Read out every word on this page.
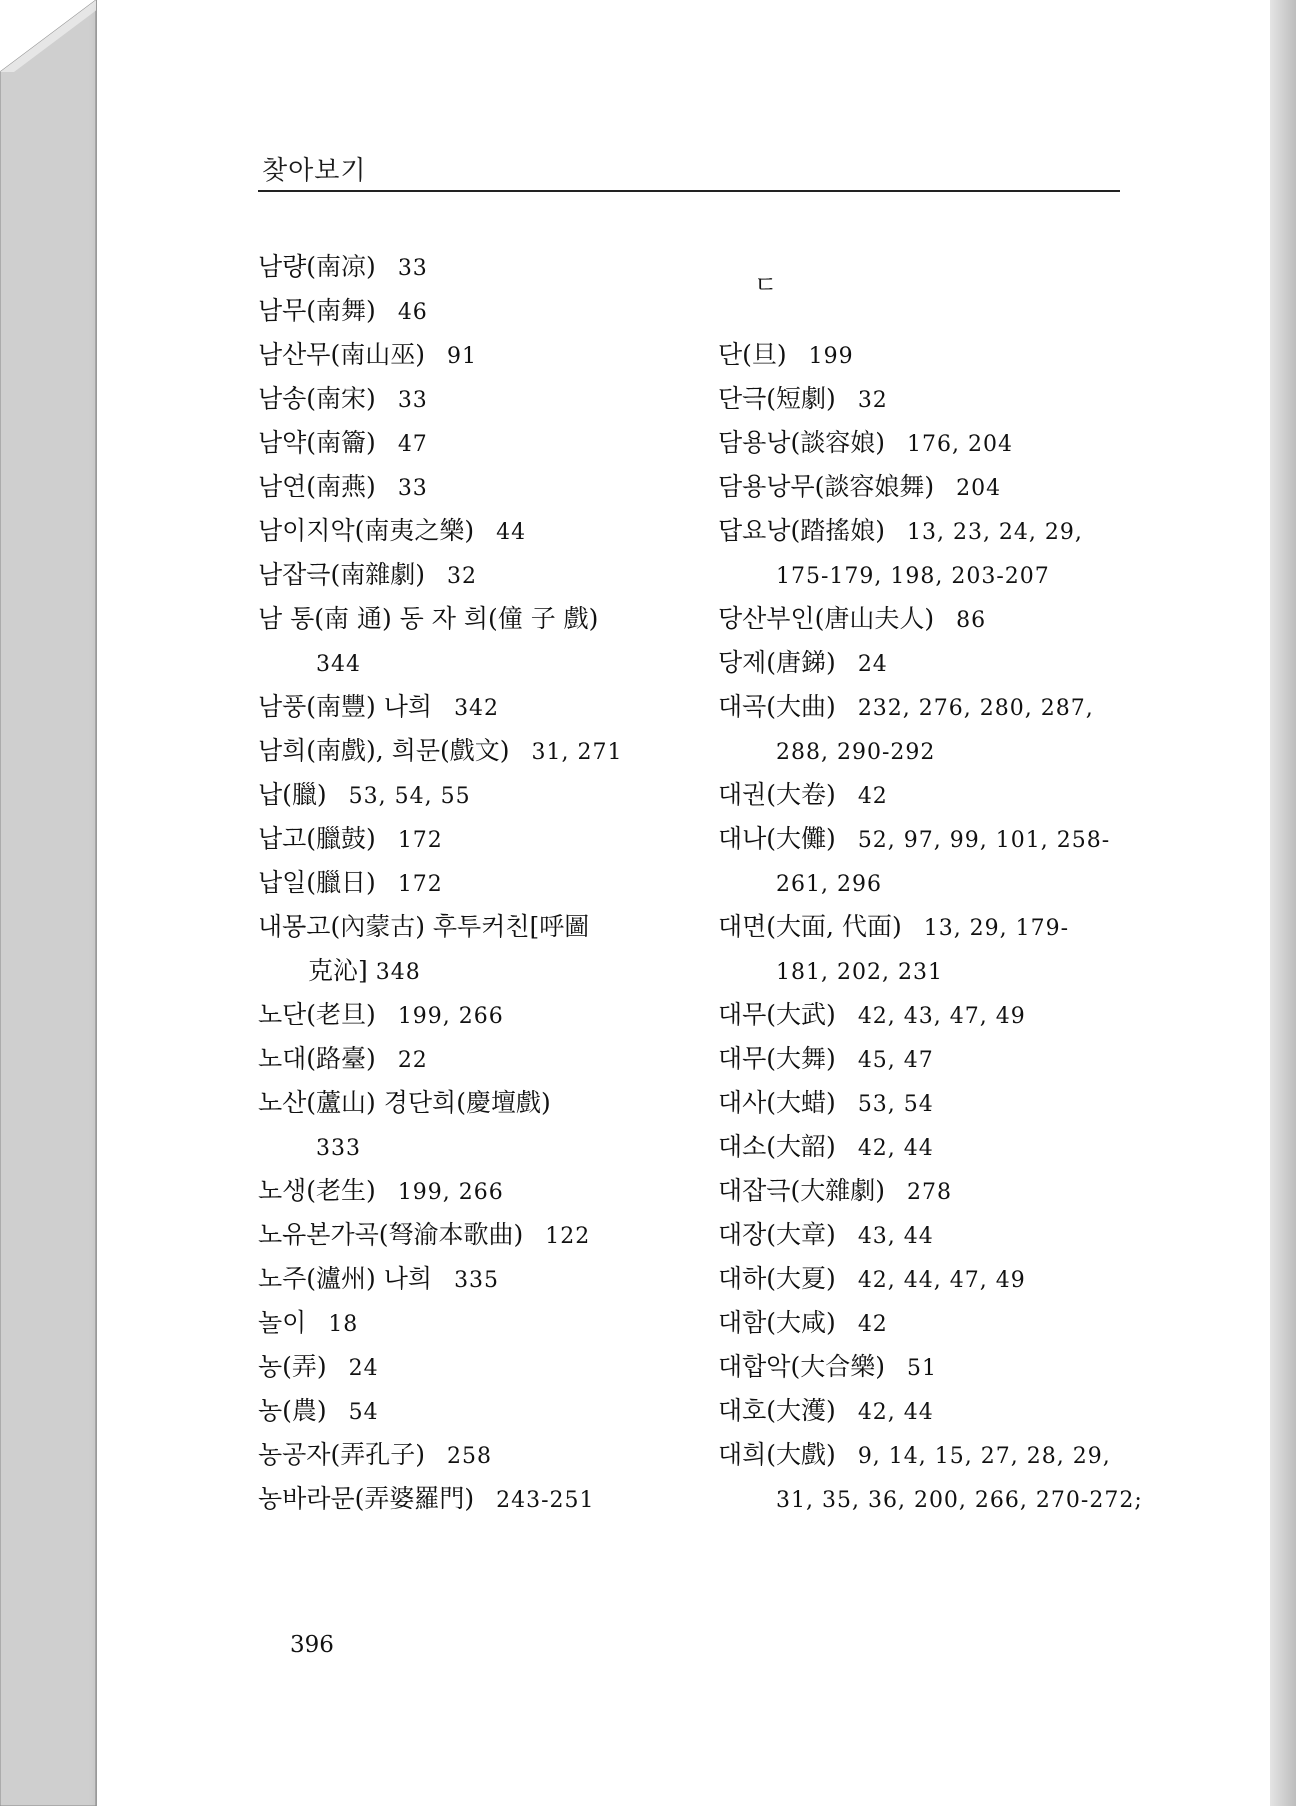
찾아보기
남량(南凉) 33
남무(南舞) 46
남산무(南山巫) 91
남송(南宋) 33
남약(南籥) 47
남연(南燕) 33
남이지악(南夷之樂) 44
남잡극(南雜劇) 32
남 통(南 通) 동 자 희(僮 子 戲)
344
남풍(南豐) 나희 342
남희(南戲), 희문(戲文) 31, 271
납(臘) 53, 54, 55
납고(臘鼓) 172
납일(臘日) 172
내몽고(內蒙古) 후투커친[呼圖
克沁] 348
노단(老旦) 199, 266
노대(路臺) 22
노산(蘆山) 경단희(慶壇戲)
333
노생(老生) 199, 266
노유본가곡(弩渝本歌曲) 122
노주(瀘州) 나희 335
놀이 18
농(弄) 24
농(農) 54
농공자(弄孔子) 258
농바라문(弄婆羅門) 243-251
ㄷ
단(旦) 199
단극(短劇) 32
담용낭(談容娘) 176, 204
담용낭무(談容娘舞) 204
답요낭(踏搖娘) 13, 23, 24, 29,
175-179, 198, 203-207
당산부인(唐山夫人) 86
당제(唐銻) 24
대곡(大曲) 232, 276, 280, 287,
288, 290-292
대권(大卷) 42
대나(大儺) 52, 97, 99, 101, 258-
261, 296
대면(大面, 代面) 13, 29, 179-
181, 202, 231
대무(大武) 42, 43, 47, 49
대무(大舞) 45, 47
대사(大蜡) 53, 54
대소(大韶) 42, 44
대잡극(大雜劇) 278
대장(大章) 43, 44
대하(大夏) 42, 44, 47, 49
대함(大咸) 42
대합악(大合樂) 51
대호(大濩) 42, 44
대희(大戲) 9, 14, 15, 27, 28, 29,
31, 35, 36, 200, 266, 270-272;
396
